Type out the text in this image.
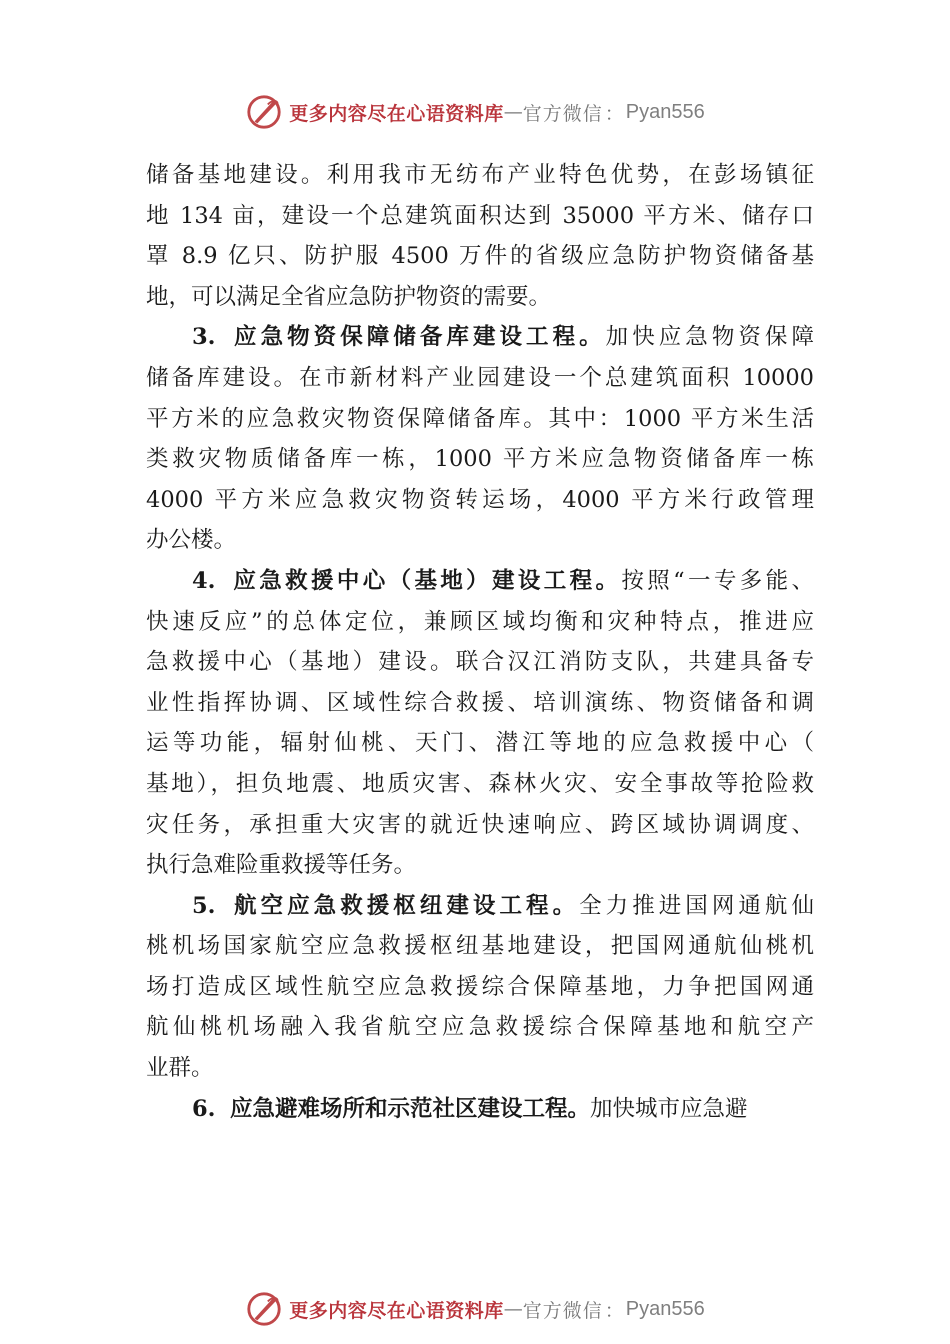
更多内容尽在心语资料库 — 官方微信 ： Pyan556
储备基地建设。利用我市无纺布产业特色优势，在彭场镇征
地 134 亩，建设一个总建筑面积达到 35000 平方米、储存口
罩 8.9 亿只、防护服 4500 万件的省级应急防护物资储备基
地，可以满足全省应急防护物资的需要。
3. 应急物资保障储备库建设工程。加快应急物资保障
储备库建设。在市新材料产业园建设一个总建筑面积 10000
平方米的应急救灾物资保障储备库。其中：1000 平方米生活
类救灾物质储备库一栋，1000 平方米应急物资储备库一栋
4000 平方米应急救灾物资转运场，4000 平方米行政管理
办公楼。
4. 应急救援中心（基地）建设工程。按照“一专多能、
快速反应”的总体定位，兼顾区域均衡和灾种特点，推进应
急救援中心（基地）建设。联合汉江消防支队，共建具备专
业性指挥协调、区域性综合救援、培训演练、物资储备和调
运等功能，辐射仙桃、天门、潜江等地的应急救援中心（
基地），担负地震、地质灾害、森林火灾、安全事故等抢险救
灾任务，承担重大灾害的就近快速响应、跨区域协调调度、
执行急难险重救援等任务。
5. 航空应急救援枢纽建设工程。全力推进国网通航仙
桃机场国家航空应急救援枢纽基地建设，把国网通航仙桃机
场打造成区域性航空应急救援综合保障基地，力争把国网通
航仙桃机场融入我省航空应急救援综合保障基地和航空产
业群。
6. 应急避难场所和示范社区建设工程。加快城市应急避
更多内容尽在心语资料库 — 官方微信 ： Pyan556
